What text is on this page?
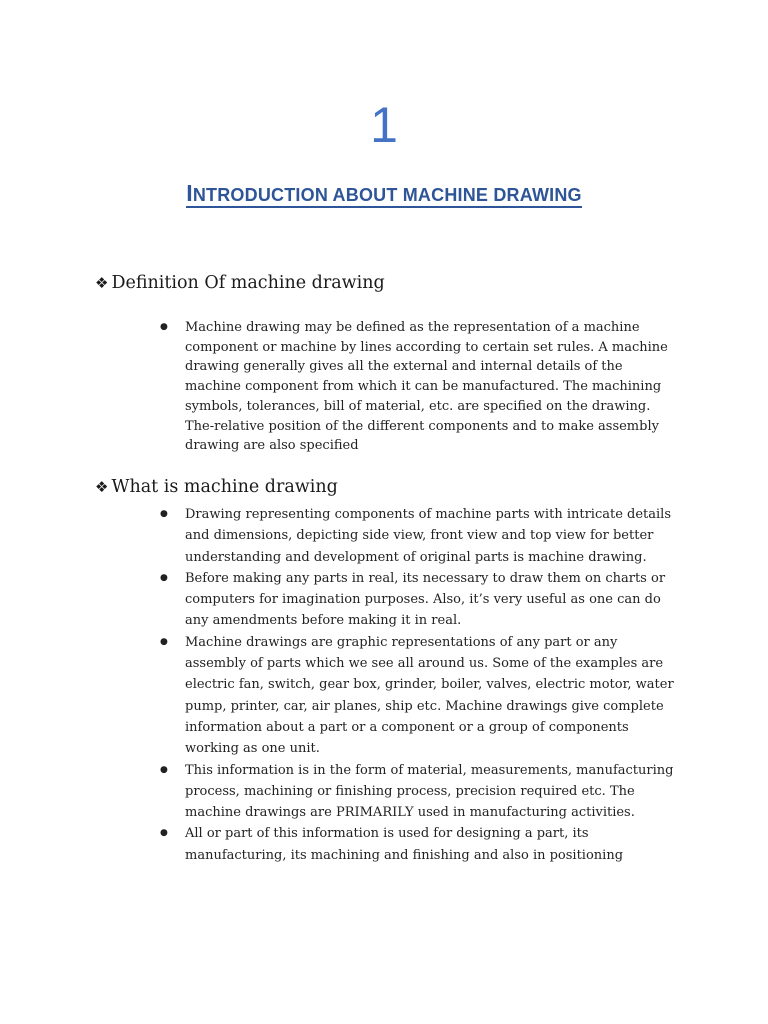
1
INTRODUCTION ABOUT MACHINE DRAWING
❖ Definition Of machine drawing
● Machine drawing may be defined as the representation of a machine component or machine by lines according to certain set rules. A machine drawing generally gives all the external and internal details of the machine component from which it can be manufactured. The machining symbols, tolerances, bill of material, etc. are specified on the drawing. The-relative position of the different components and to make assembly drawing are also specified
❖ What is machine drawing
● Drawing representing components of machine parts with intricate details and dimensions, depicting side view, front view and top view for better understanding and development of original parts is machine drawing.
● Before making any parts in real, its necessary to draw them on charts or computers for imagination purposes. Also, it’s very useful as one can do any amendments before making it in real.
● Machine drawings are graphic representations of any part or any assembly of parts which we see all around us. Some of the examples are electric fan, switch, gear box, grinder, boiler, valves, electric motor, water pump, printer, car, air planes, ship etc. Machine drawings give complete information about a part or a component or a group of components working as one unit.
● This information is in the form of material, measurements, manufacturing process, machining or finishing process, precision required etc. The machine drawings are PRIMARILY used in manufacturing activities.
● All or part of this information is used for designing a part, its manufacturing, its machining and finishing and also in positioning
